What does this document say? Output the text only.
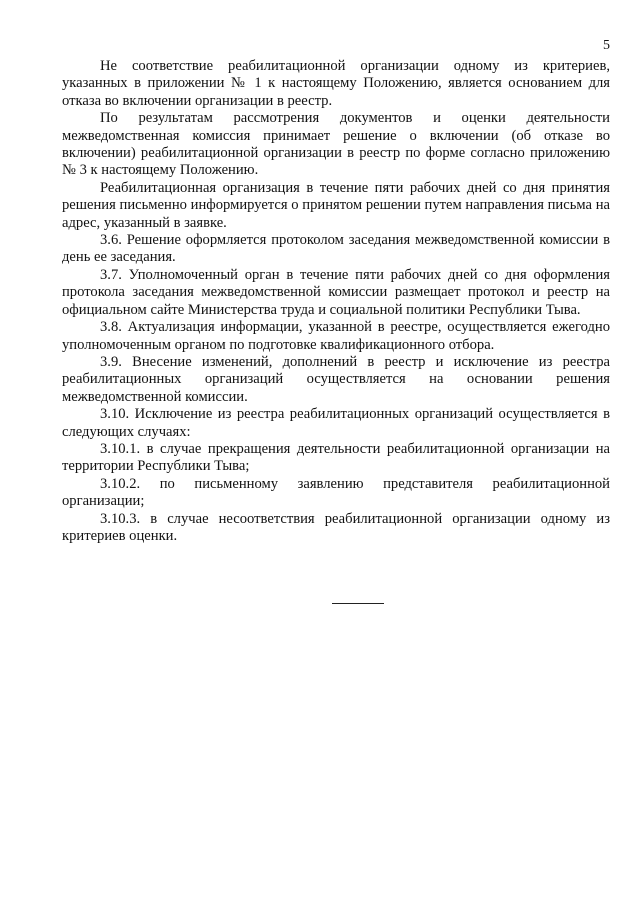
5

Не соответствие реабилитационной организации одному из критериев, указанных в приложении № 1 к настоящему Положению, является основанием для отказа во включении организации в реестр.

По результатам рассмотрения документов и оценки деятельности межведомственная комиссия принимает решение о включении (об отказе во включении) реабилитационной организации в реестр по форме согласно приложению № 3 к настоящему Положению.

Реабилитационная организация в течение пяти рабочих дней со дня принятия решения письменно информируется о принятом решении путем направления письма на адрес, указанный в заявке.

3.6. Решение оформляется протоколом заседания межведомственной комиссии в день ее заседания.

3.7. Уполномоченный орган в течение пяти рабочих дней со дня оформления протокола заседания межведомственной комиссии размещает протокол и реестр на официальном сайте Министерства труда и социальной политики Республики Тыва.

3.8. Актуализация информации, указанной в реестре, осуществляется ежегодно уполномоченным органом по подготовке квалификационного отбора.

3.9. Внесение изменений, дополнений в реестр и исключение из реестра реабилитационных организаций осуществляется на основании решения межведомственной комиссии.

3.10. Исключение из реестра реабилитационных организаций осуществляется в следующих случаях:

3.10.1. в случае прекращения деятельности реабилитационной организации на территории Республики Тыва;

3.10.2. по письменному заявлению представителя реабилитационной организации;

3.10.3. в случае несоответствия реабилитационной организации одному из критериев оценки.
